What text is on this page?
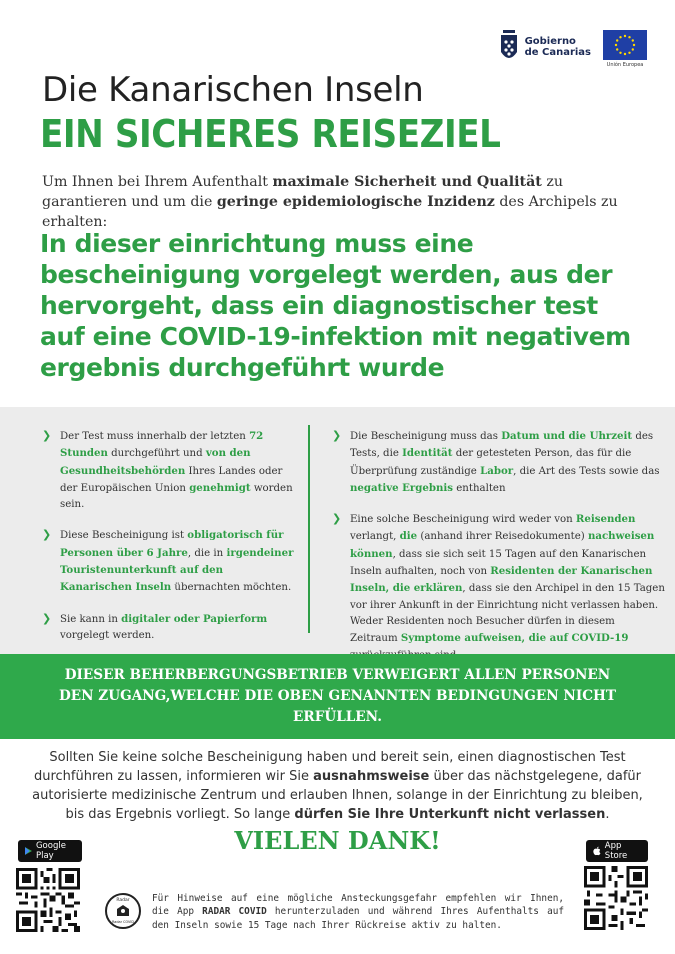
Gobierno
de Canarias
Unión Europea
Die Kanarischen Inseln
EIN SICHERES REISEZIEL
Um Ihnen bei Ihrem Aufenthalt maximale Sicherheit und Qualität zu garantieren und um die geringe epidemiologische Inzidenz des Archipels zu erhalten:
In dieser einrichtung muss eine bescheinigung vorgelegt werden, aus der hervorgeht, dass ein diagnostischer test auf eine COVID-19-infektion mit negativem ergebnis durchgeführt wurde
❯ Der Test muss innerhalb der letzten 72 Stunden durchgeführt und von den Gesundheitsbehörden Ihres Landes oder der Europäischen Union genehmigt worden sein.
❯ Diese Bescheinigung ist obligatorisch für Personen über 6 Jahre, die in irgendeiner Touristenunterkunft auf den Kanarischen Inseln übernachten möchten.
❯ Sie kann in digitaler oder Papierform vorgelegt werden.
❯ Die Bescheinigung muss das Datum und die Uhrzeit des Tests, die Identität der getesteten Person, das für die Überprüfung zuständige Labor, die Art des Tests sowie das negative Ergebnis enthalten
❯ Eine solche Bescheinigung wird weder von Reisenden verlangt, die (anhand ihrer Reisedokumente) nachweisen können, dass sie sich seit 15 Tagen auf den Kanarischen Inseln aufhalten, noch von Residenten der Kanarischen Inseln, die erklären, dass sie den Archipel in den 15 Tagen vor ihrer Ankunft in der Einrichtung nicht verlassen haben. Weder Residenten noch Besucher dürfen in diesem Zeitraum Symptome aufweisen, die auf COVID-19
DIESER BEHERBERGUNGSBETRIEB VERWEIGERT ALLEN PERSONEN DEN ZUGANG,WELCHE DIE OBEN GENANNTEN BEDINGUNGEN NICHT ERFÜLLEN.
Sollten Sie keine solche Bescheinigung haben und bereit sein, einen diagnostischen Test durchführen zu lassen, informieren wir Sie ausnahmsweise über das nächstgelegene, dafür autorisierte medizinische Zentrum und erlauben Ihnen, solange in der Einrichtung zu bleiben, bis das Ergebnis vorliegt. So lange dürfen Sie Ihre Unterkunft nicht verlassen.
VIELEN DANK!
Google Play
App Store
Radar
Radar COVID
Für Hinweise auf eine mögliche Ansteckungsgefahr empfehlen wir Ihnen, die App RADAR COVID herunterzuladen und während Ihres Aufenthalts auf den Inseln sowie 15 Tage nach Ihrer Rückreise aktiv zu halten.
